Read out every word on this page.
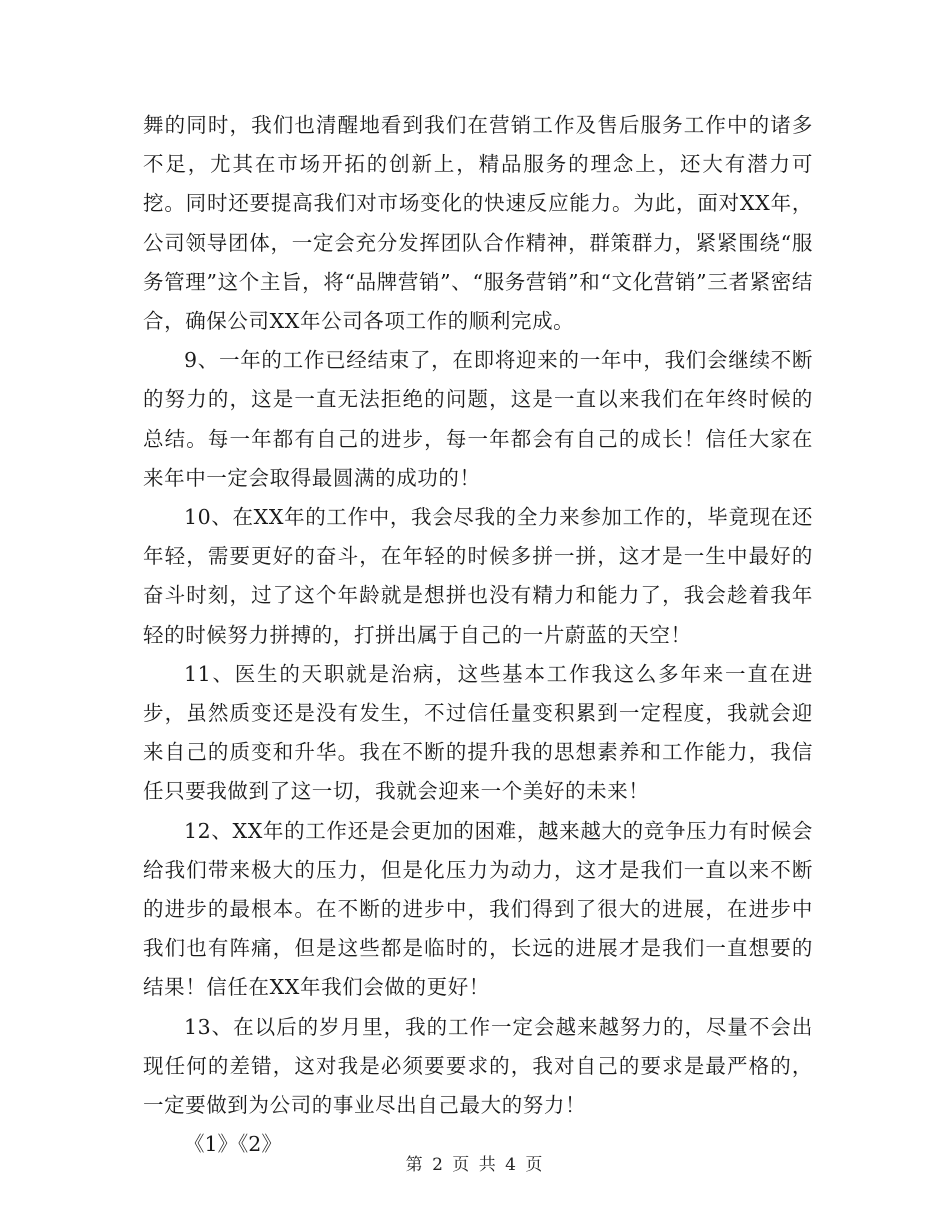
舞的同时，我们也清醒地看到我们在营销工作及售后服务工作中的诸多不足，尤其在市场开拓的创新上，精品服务的理念上，还大有潜力可挖。同时还要提高我们对市场变化的快速反应能力。为此，面对XX年，公司领导团体，一定会充分发挥团队合作精神，群策群力，紧紧围绕“服务管理”这个主旨，将“品牌营销”、“服务营销”和“文化营销”三者紧密结合，确保公司XX年公司各项工作的顺利完成。

9、一年的工作已经结束了，在即将迎来的一年中，我们会继续不断的努力的，这是一直无法拒绝的问题，这是一直以来我们在年终时候的总结。每一年都有自己的进步，每一年都会有自己的成长！信任大家在来年中一定会取得最圆满的成功的！

10、在XX年的工作中，我会尽我的全力来参加工作的，毕竟现在还年轻，需要更好的奋斗，在年轻的时候多拼一拼，这才是一生中最好的奋斗时刻，过了这个年龄就是想拼也没有精力和能力了，我会趁着我年轻的时候努力拼搏的，打拼出属于自己的一片蔚蓝的天空！

11、医生的天职就是治病，这些基本工作我这么多年来一直在进步，虽然质变还是没有发生，不过信任量变积累到一定程度，我就会迎来自己的质变和升华。我在不断的提升我的思想素养和工作能力，我信任只要我做到了这一切，我就会迎来一个美好的未来！

12、XX年的工作还是会更加的困难，越来越大的竞争压力有时候会给我们带来极大的压力，但是化压力为动力，这才是我们一直以来不断的进步的最根本。在不断的进步中，我们得到了很大的进展，在进步中我们也有阵痛，但是这些都是临时的，长远的进展才是我们一直想要的结果！信任在XX年我们会做的更好！

13、在以后的岁月里，我的工作一定会越来越努力的，尽量不会出现任何的差错，这对我是必须要要求的，我对自己的要求是最严格的，一定要做到为公司的事业尽出自己最大的努力！

《1》《2》

第 2 页 共 4 页
